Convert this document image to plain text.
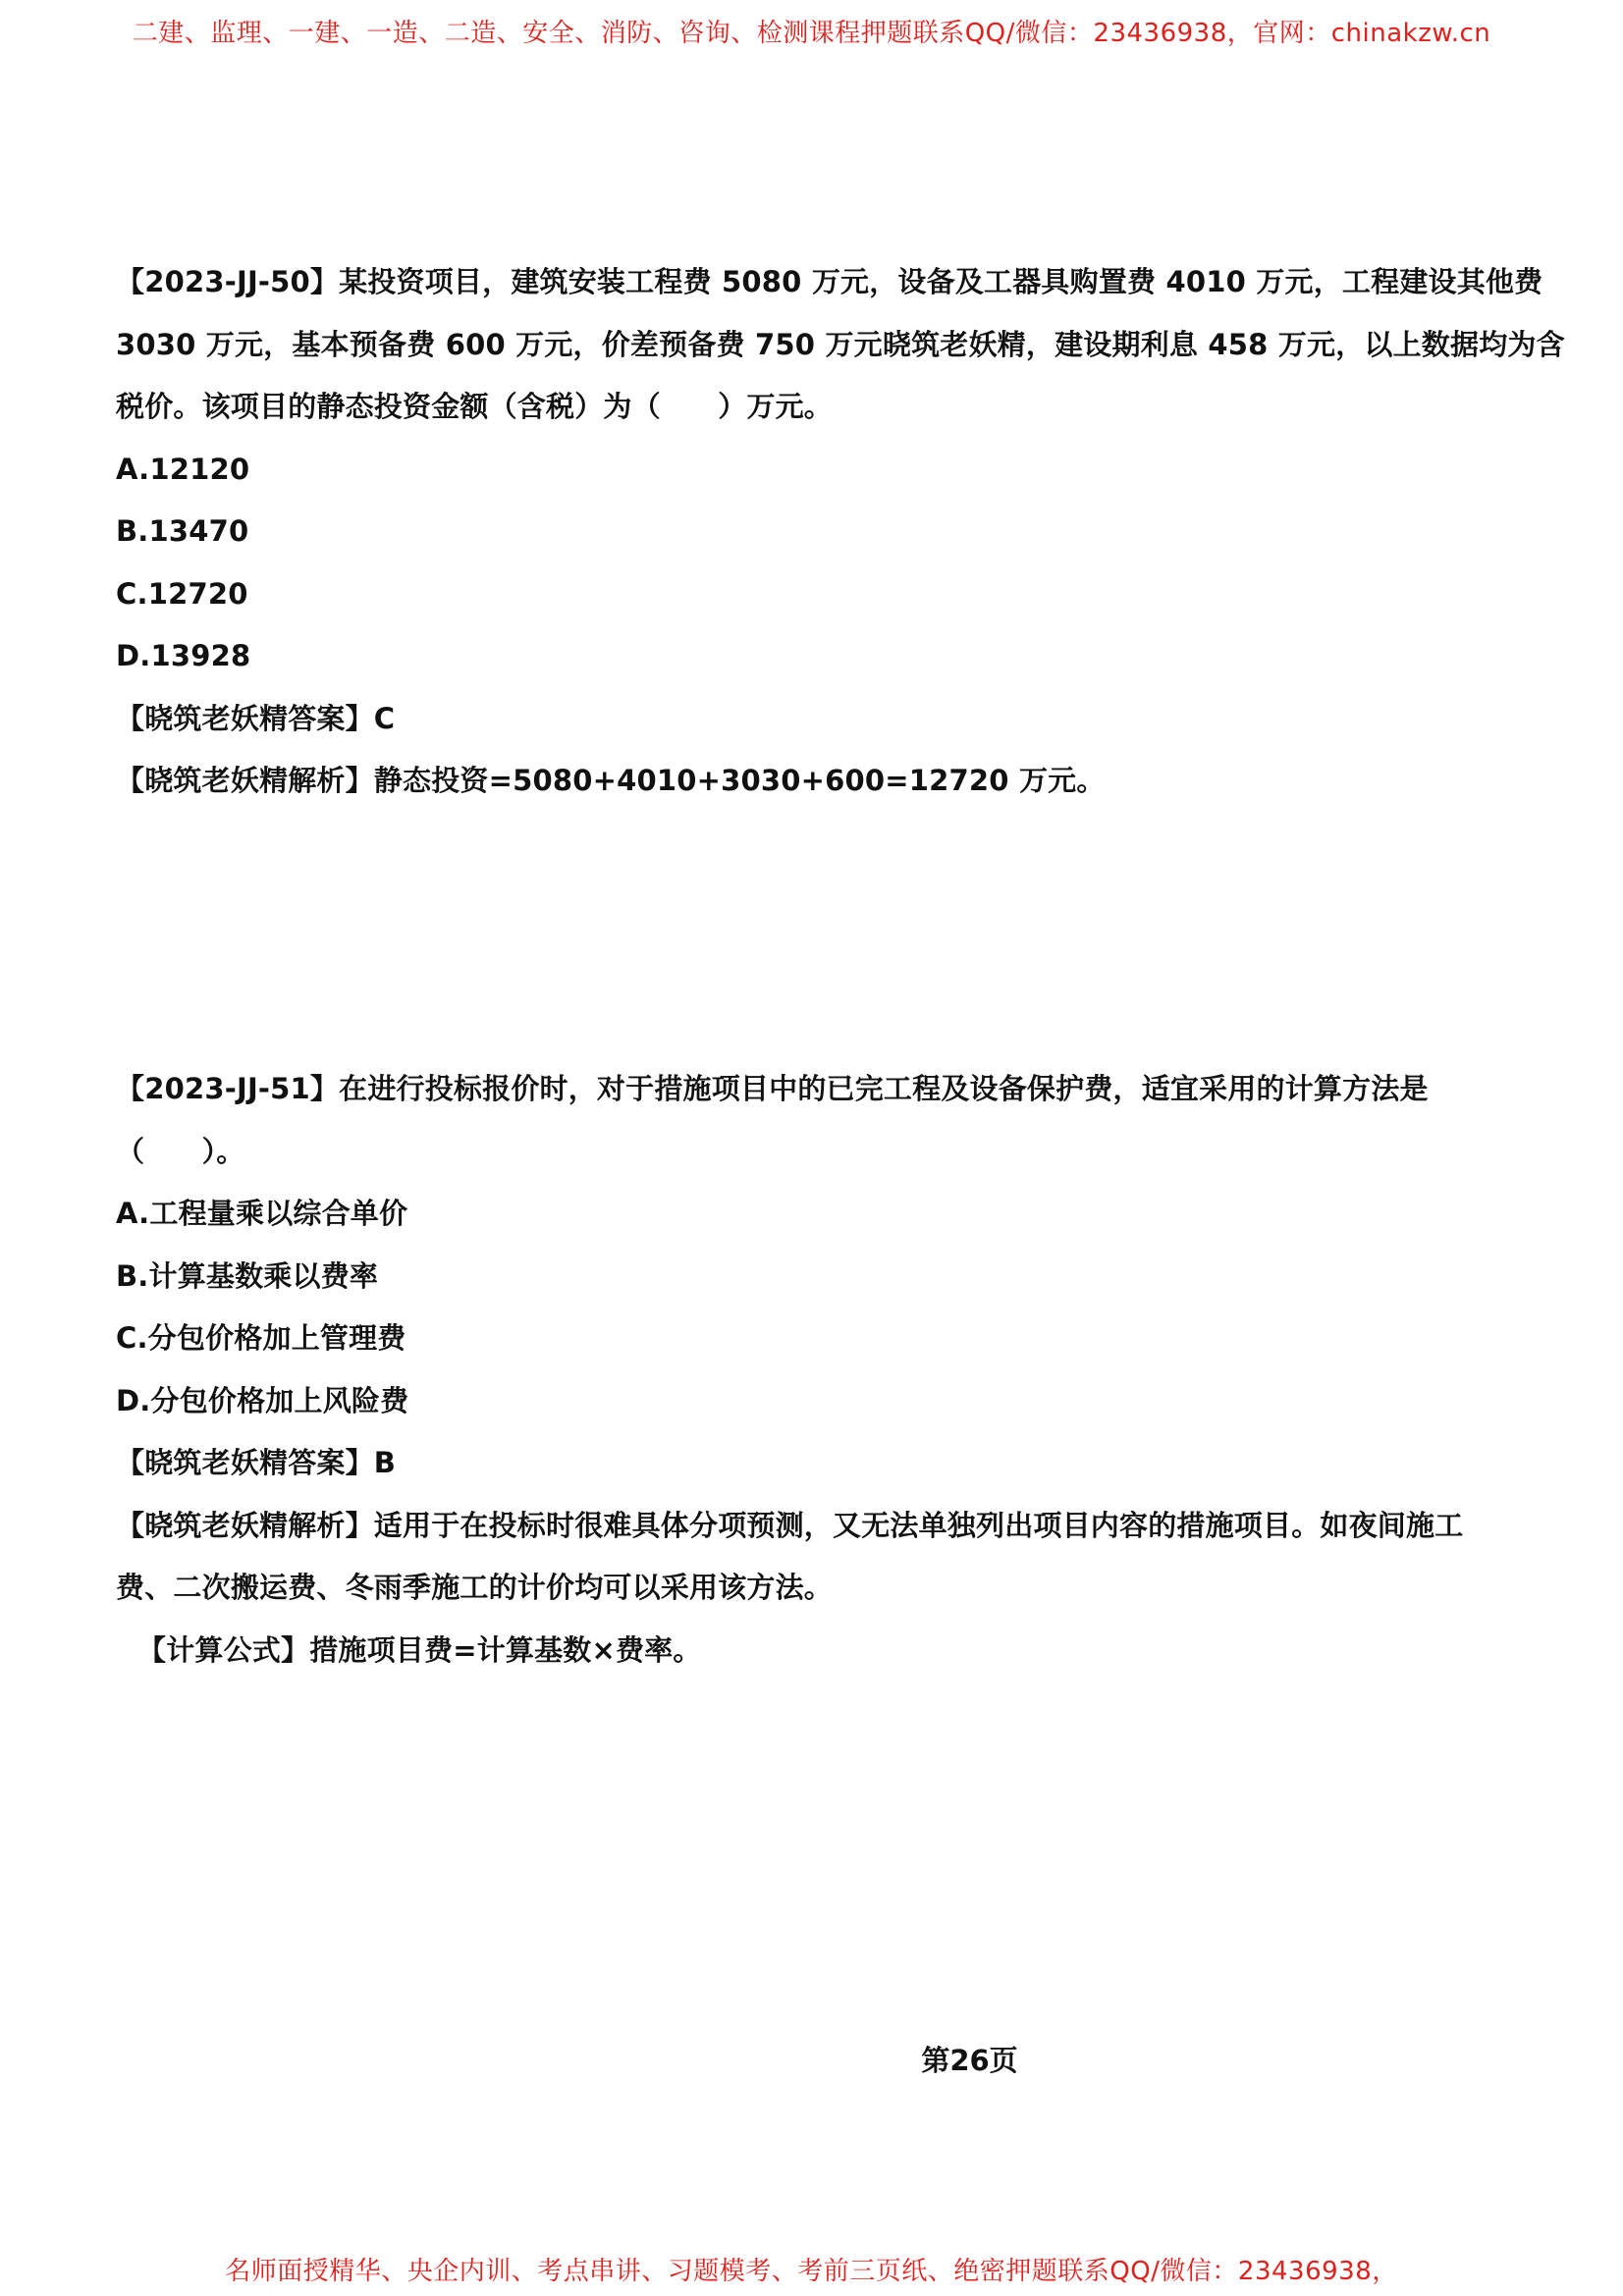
二建、监理、一建、一造、二造、安全、消防、咨询、检测课程押题联系QQ/微信：23436938，官网：chinakzw.cn
【2023-JJ-50】某投资项目，建筑安装工程费 5080 万元，设备及工器具购置费 4010 万元，工程建设其他费
3030 万元，基本预备费 600 万元，价差预备费 750 万元晓筑老妖精，建设期利息 458 万元，以上数据均为含
税价。该项目的静态投资金额（含税）为（　　）万元。
A.12120
B.13470
C.12720
D.13928
【晓筑老妖精答案】C
【晓筑老妖精解析】静态投资=5080+4010+3030+600=12720 万元。
【2023-JJ-51】在进行投标报价时，对于措施项目中的已完工程及设备保护费，适宜采用的计算方法是
（　　）。
A.工程量乘以综合单价
B.计算基数乘以费率
C.分包价格加上管理费
D.分包价格加上风险费
【晓筑老妖精答案】B
【晓筑老妖精解析】适用于在投标时很难具体分项预测，又无法单独列出项目内容的措施项目。如夜间施工
费、二次搬运费、冬雨季施工的计价均可以采用该方法。
【计算公式】措施项目费=计算基数×费率。
第26页
名师面授精华、央企内训、考点串讲、习题模考、考前三页纸、绝密押题联系QQ/微信：23436938，
